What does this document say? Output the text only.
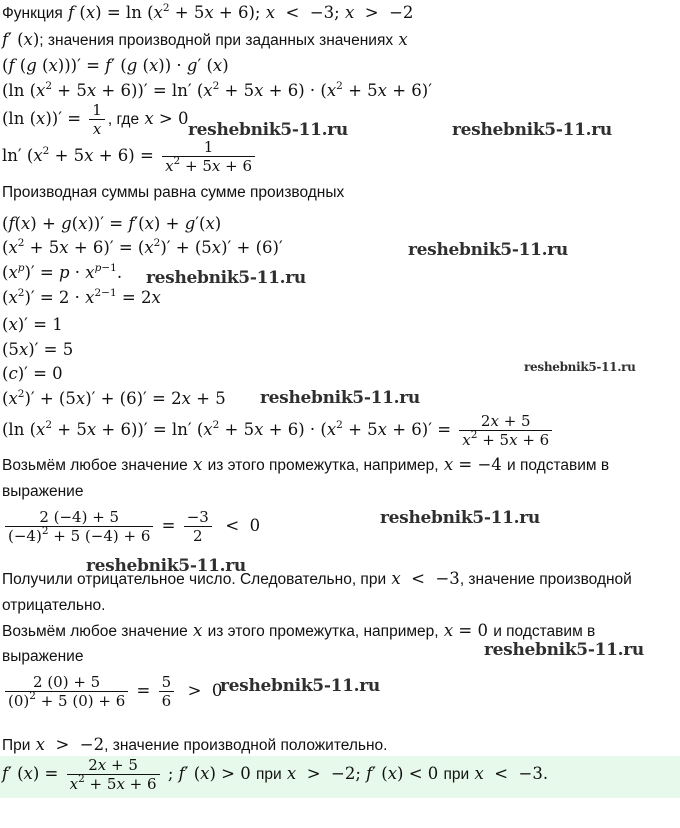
Функция f $(x) = \ln (x^2 + 5x + 6)$; x  <  −3; x  >  −2
f′ (x); значения производной при заданных значениях x
(f (g (x)))′ = f′ (g (x)) · g′ (x)
(ln $(x^2 + 5x + 6))' = \ln'$ $(x^2 + 5x + 6) \cdot (x^2 + 5x + 6)'$
(ln $(x))' = \frac{1}{x}$ , где x > 0
ln′ $(x^2 + 5x + 6) = \frac{1}{x^2 + 5x + 6}$
Производная суммы равна сумме производных
(f(x) + g(x))′ = f′(x) + g′(x)
$(x^2 + 5x + 6)' = (x^2)' + (5x)' + (6)'$
$(x^p)' = p \cdot x^{p-1}$.
$(x^2)' = 2 \cdot x^{2-1} = 2x$
(x)′ = 1
(5x)′ = 5
(c)′ = 0
$(x^2)' + (5x)' + (6)' = 2x + 5$
(ln $(x^2 + 5x + 6))' = \ln'$ $(x^2 + 5x + 6) \cdot (x^2 + 5x + 6)' = \frac{2x + 5}{x^2 + 5x + 6}$
Возьмём любое значение x из этого промежутка, например, x = −4 и подставим в
выражение
$\frac{2 (-4) + 5}{(-4)^2 + 5 (-4) + 6} = \frac{-3}{2} < 0$
Получили отрицательное число. Следовательно, при x  <  −3, значение производной
отрицательно.
Возьмём любое значение x из этого промежутка, например, x = 0 и подставим в
выражение
$\frac{2 (0) + 5}{(0)^2 + 5 (0) + 6} = \frac{5}{6} > 0$
При x  >  −2, значение производной положительно.
f′ $(x) = \frac{2x + 5}{x^2 + 5x + 6}$ ; f′ (x) > 0 при x  >  −2; f′ (x) < 0 при x  <  −3.
reshebnik5-11.ru	reshebnik5-11.ru
reshebnik5-11.ru
reshebnik5-11.ru
reshebnik5-11.ru
reshebnik5-11.ru
reshebnik5-11.ru
reshebnik5-11.ru
reshebnik5-11.ru
reshebnik5-11.ru
